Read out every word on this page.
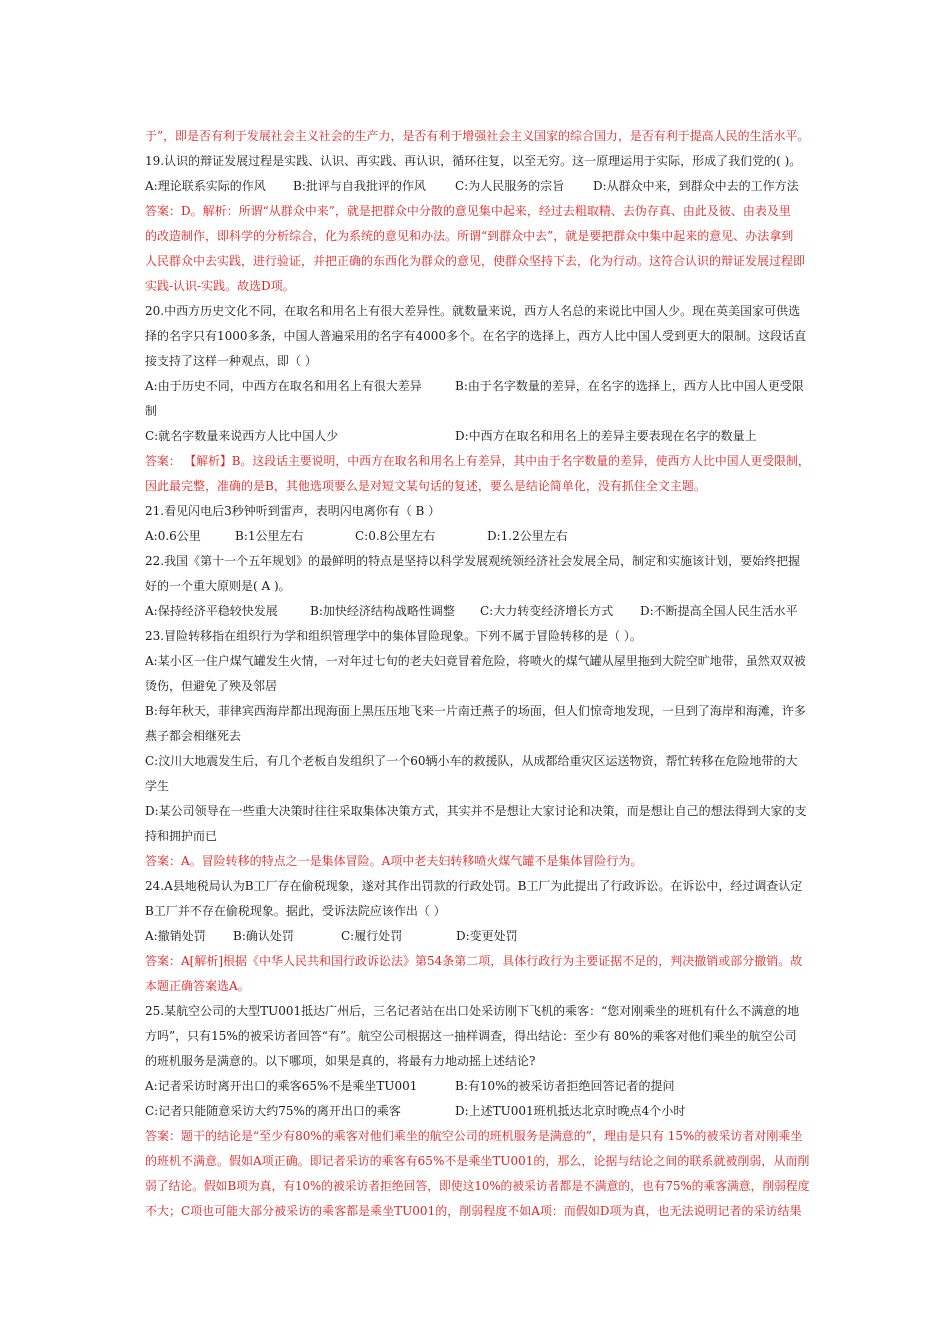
于”，即是否有利于发展社会主义社会的生产力，是否有利于增强社会主义国家的综合国力，是否有利于提高人民的生活水平。
19.认识的辩证发展过程是实践、认识、再实践、再认识，循环往复，以至无穷。这一原理运用于实际，形成了我们党的( )。
A:理论联系实际的作风	B:批评与自我批评的作风	C:为人民服务的宗旨	D:从群众中来，到群众中去的工作方法
答案：D。解析：所谓“从群众中来”，就是把群众中分散的意见集中起来，经过去粗取精、去伪存真、由此及彼、由表及里
的改造制作，即科学的分析综合，化为系统的意见和办法。所谓“到群众中去”，就是要把群众中集中起来的意见、办法拿到
人民群众中去实践，进行验证，并把正确的东西化为群众的意见，使群众坚持下去，化为行动。这符合认识的辩证发展过程即
实践-认识-实践。故选D项。
20.中西方历史文化不同，在取名和用名上有很大差异性。就数量来说，西方人名总的来说比中国人少。现在英美国家可供选
择的名字只有1000多条，中国人普遍采用的名字有4000多个。在名字的选择上，西方人比中国人受到更大的限制。这段话直
接支持了这样一种观点，即（ ）
A:由于历史不同，中西方在取名和用名上有很大差异	B:由于名字数量的差异，在名字的选择上，西方人比中国人更受限
制
C:就名字数量来说西方人比中国人少	D:中西方在取名和用名上的差异主要表现在名字的数量上
答案： 【解析】B。这段话主要说明，中西方在取名和用名上有差异，其中由于名字数量的差异，使西方人比中国人更受限制，
因此最完整，准确的是B，其他选项要么是对短文某句话的复述，要么是结论简单化，没有抓住全文主题。
21.看见闪电后3秒钟听到雷声，表明闪电离你有（ B ）
A:0.6公里	B:1公里左右	C:0.8公里左右	D:1.2公里左右
22.我国《第十一个五年规划》的最鲜明的特点是坚持以科学发展观统领经济社会发展全局，制定和实施该计划，要始终把握
好的一个重大原则是( A )。
A:保持经济平稳较快发展	B:加快经济结构战略性调整	C:大力转变经济增长方式	D:不断提高全国人民生活水平
23.冒险转移指在组织行为学和组织管理学中的集体冒险现象。下列不属于冒险转移的是（ ）。
A:某小区一住户煤气罐发生火情，一对年过七旬的老夫妇竟冒着危险，将喷火的煤气罐从屋里拖到大院空旷地带，虽然双双被
烫伤，但避免了殃及邻居
B:每年秋天，菲律宾西海岸都出现海面上黑压压地飞来一片南迁燕子的场面，但人们惊奇地发现，一旦到了海岸和海滩，许多
燕子都会相继死去
C:汶川大地震发生后，有几个老板自发组织了一个60辆小车的救援队，从成都给重灾区运送物资，帮忙转移在危险地带的大
学生
D:某公司领导在一些重大决策时往往采取集体决策方式，其实并不是想让大家讨论和决策，而是想让自己的想法得到大家的支
持和拥护而已
答案：A。冒险转移的特点之一是集体冒险。A项中老夫妇转移喷火煤气罐不是集体冒险行为。
24.A县地税局认为B工厂存在偷税现象，遂对其作出罚款的行政处罚。B工厂为此提出了行政诉讼。在诉讼中，经过调查认定
B工厂并不存在偷税现象。据此，受诉法院应该作出（ ）
A:撤销处罚	B:确认处罚	C:履行处罚	D:变更处罚
答案：A[解析]根据《中华人民共和国行政诉讼法》第54条第二项，具体行政行为主要证据不足的，判决撤销或部分撤销。故
本题正确答案选A。
25.某航空公司的大型TU001抵达广州后，三名记者站在出口处采访刚下飞机的乘客：“您对刚乘坐的班机有什么不满意的地
方吗”，只有15%的被采访者回答“有”。航空公司根据这一抽样调查，得出结论：至少有 80%的乘客对他们乘坐的航空公司
的班机服务是满意的。以下哪项，如果是真的，将最有力地动摇上述结论?
A:记者采访时离开出口的乘客65%不是乘坐TU001	B:有10%的被采访者拒绝回答记者的提问
C:记者只能随意采访大约75%的离开出口的乘客	D:上述TU001班机抵达北京时晚点4个小时
答案：题干的结论是“至少有80%的乘客对他们乘坐的航空公司的班机服务是满意的”，理由是只有 15%的被采访者对刚乘坐
的班机不满意。假如A项正确。即记者采访的乘客有65%不是乘坐TU001的，那么，论据与结论之间的联系就被削弱，从而削
弱了结论。假如B项为真，有10%的被采访者拒绝回答，即使这10%的被采访者都是不满意的，也有75%的乘客满意，削弱程度
不大；C项也可能大部分被采访的乘客都是乘坐TU001的，削弱程度不如A项：而假如D项为真，也无法说明记者的采访结果
